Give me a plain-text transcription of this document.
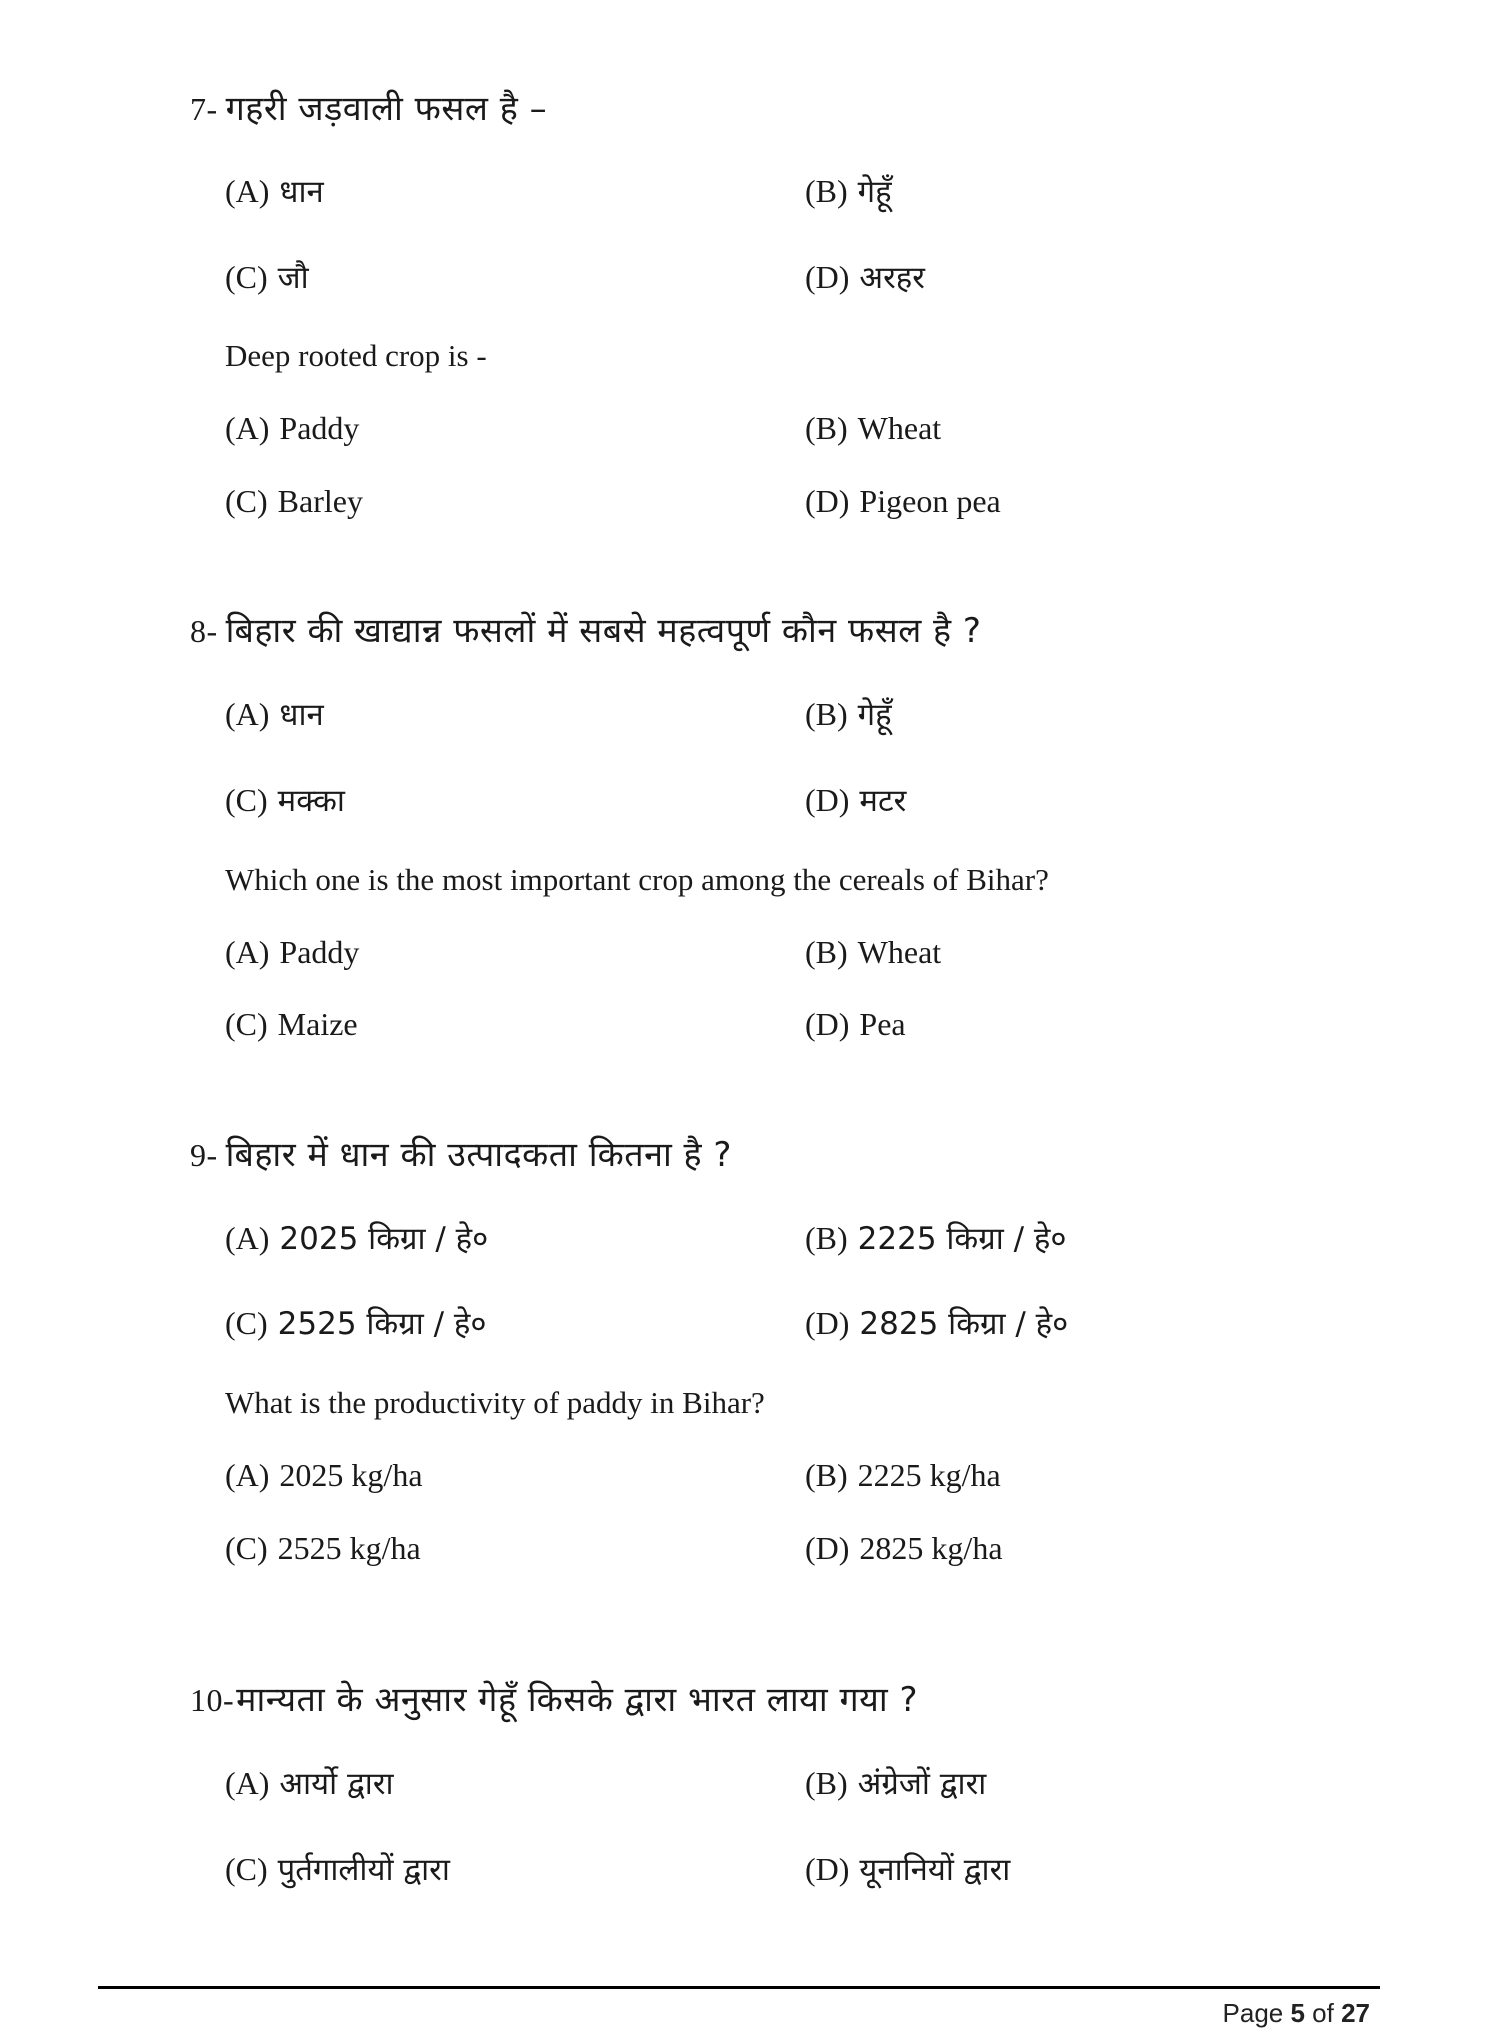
7- गहरी जड़वाली फसल है –
(A) धान	(B) गेहूँ
(C) जौ	(D) अरहर
Deep rooted crop is -
(A) Paddy	(B) Wheat
(C) Barley	(D) Pigeon pea
8- बिहार की खाद्यान्न फसलों में सबसे महत्वपूर्ण कौन फसल है ?
(A) धान	(B) गेहूँ
(C) मक्का	(D) मटर
Which one is the most important crop among the cereals of Bihar?
(A) Paddy	(B) Wheat
(C) Maize	(D) Pea
9- बिहार में धान की उत्पादकता कितना है ?
(A) 2025 किग्रा / हे०	(B) 2225 किग्रा / हे०
(C) 2525 किग्रा / हे०	(D) 2825 किग्रा / हे०
What is the productivity of paddy in Bihar?
(A) 2025 kg/ha	(B) 2225 kg/ha
(C) 2525 kg/ha	(D) 2825 kg/ha
10-मान्यता के अनुसार गेहूँ किसके द्वारा भारत लाया गया ?
(A) आर्यो द्वारा	(B) अंग्रेजों द्वारा
(C) पुर्तगालीयों द्वारा	(D) यूनानियों द्वारा
Page 5 of 27
